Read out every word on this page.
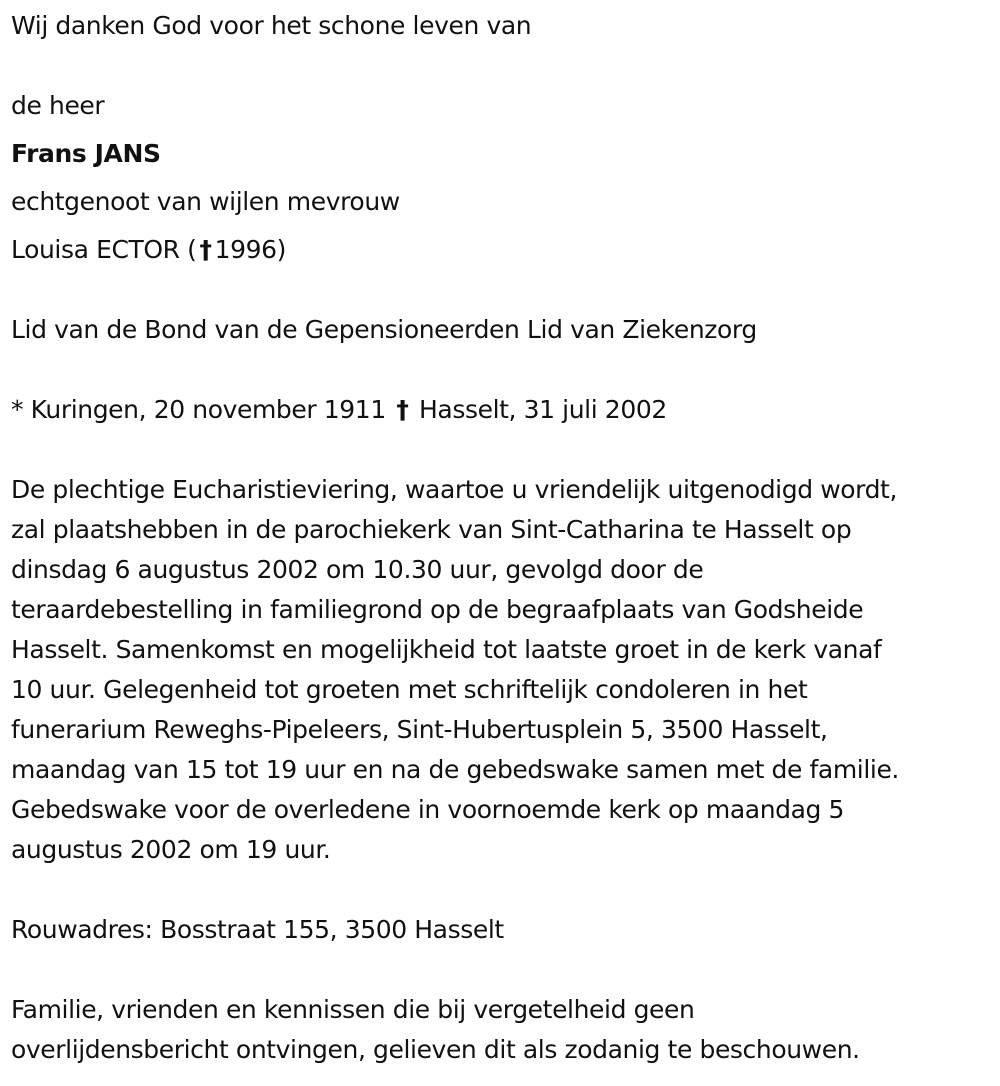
Wij danken God voor het schone leven van
de heer
Frans JANS
echtgenoot van wijlen mevrouw
Louisa ECTOR ( † 1996)
Lid van de Bond van de Gepensioneerden Lid van Ziekenzorg
* Kuringen, 20 november 1911 † Hasselt, 31 juli 2002
De plechtige Eucharistieviering, waartoe u vriendelijk uitgenodigd wordt,
zal plaatshebben in de parochiekerk van Sint-Catharina te Hasselt op
dinsdag 6 augustus 2002 om 10.30 uur, gevolgd door de
teraardebestelling in familiegrond op de begraafplaats van Godsheide
Hasselt. Samenkomst en mogelijkheid tot laatste groet in de kerk vanaf
10 uur. Gelegenheid tot groeten met schriftelijk condoleren in het
funerarium Reweghs-Pipeleers, Sint-Hubertusplein 5, 3500 Hasselt,
maandag van 15 tot 19 uur en na de gebedswake samen met de familie.
Gebedswake voor de overledene in voornoemde kerk op maandag 5
augustus 2002 om 19 uur.
Rouwadres: Bosstraat 155, 3500 Hasselt
Familie, vrienden en kennissen die bij vergetelheid geen
overlijdensbericht ontvingen, gelieven dit als zodanig te beschouwen.
